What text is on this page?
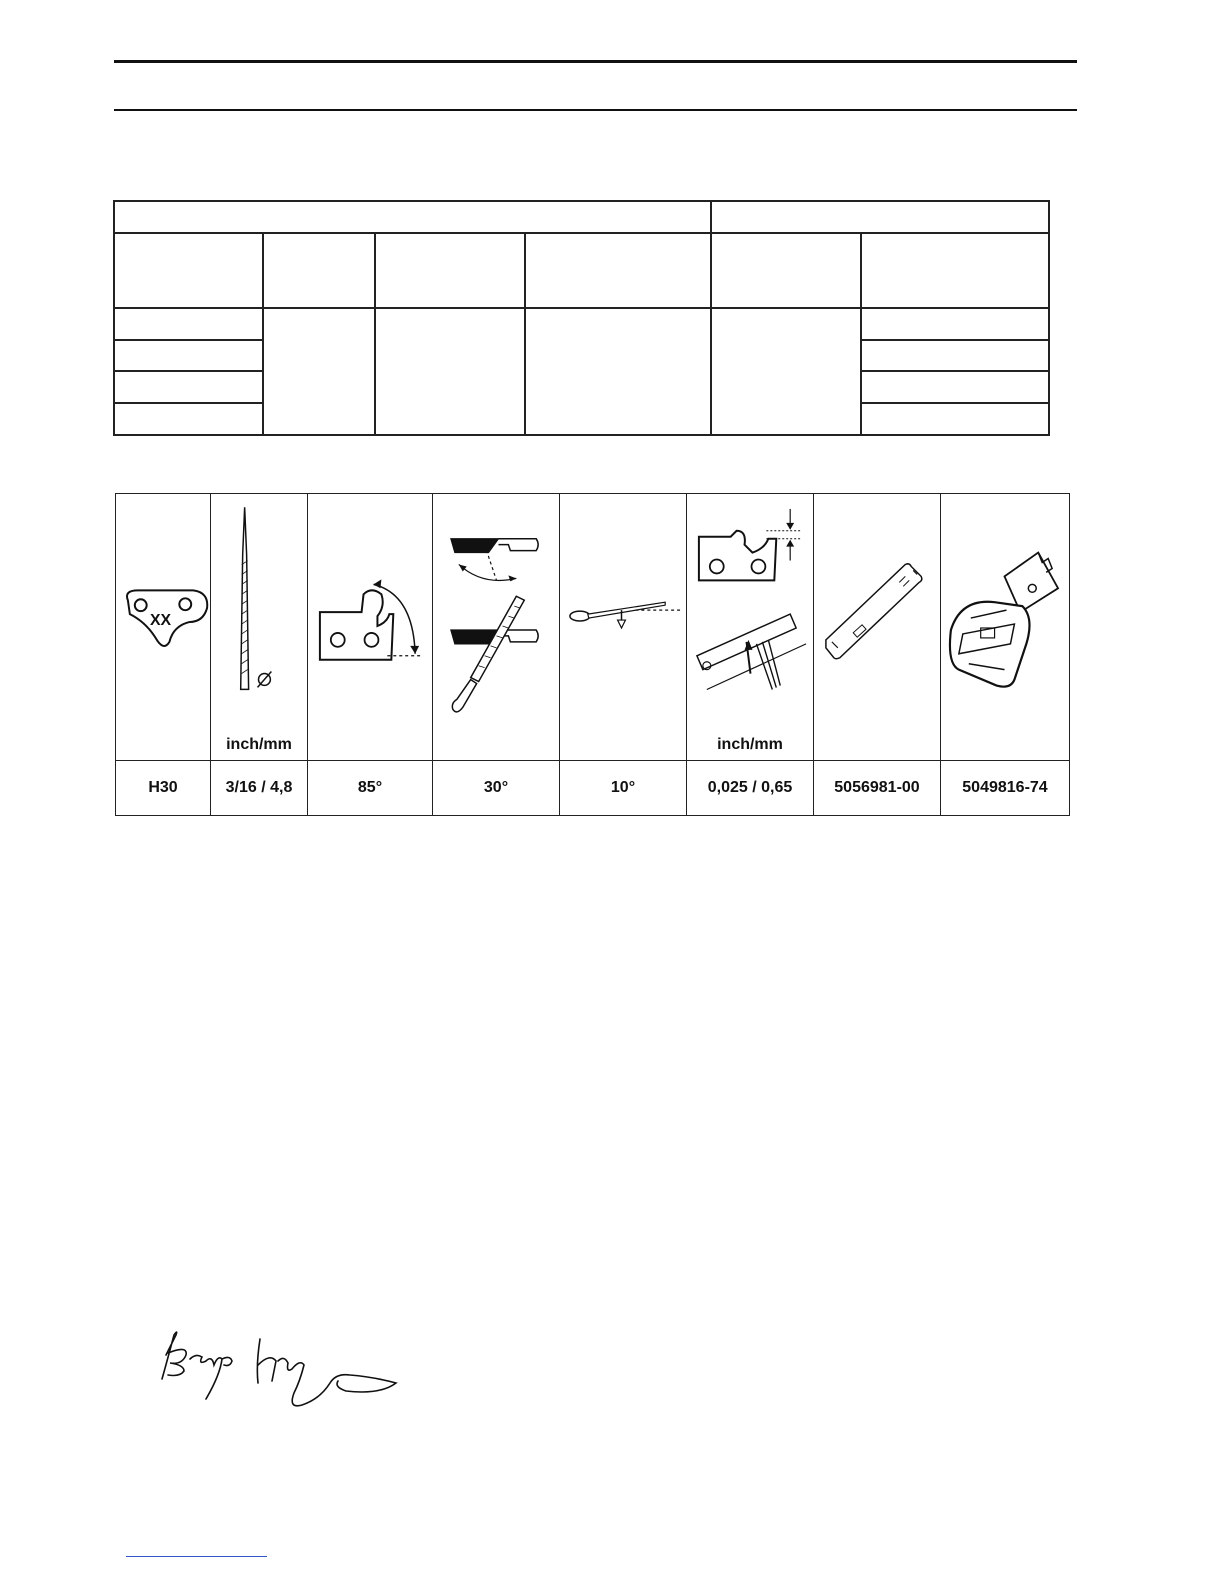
XX	inch/mm				inch/mm

H30	3/16 / 4,8	85°	30°	10°	0,025 / 0,65	5056981-00	5049816-74
